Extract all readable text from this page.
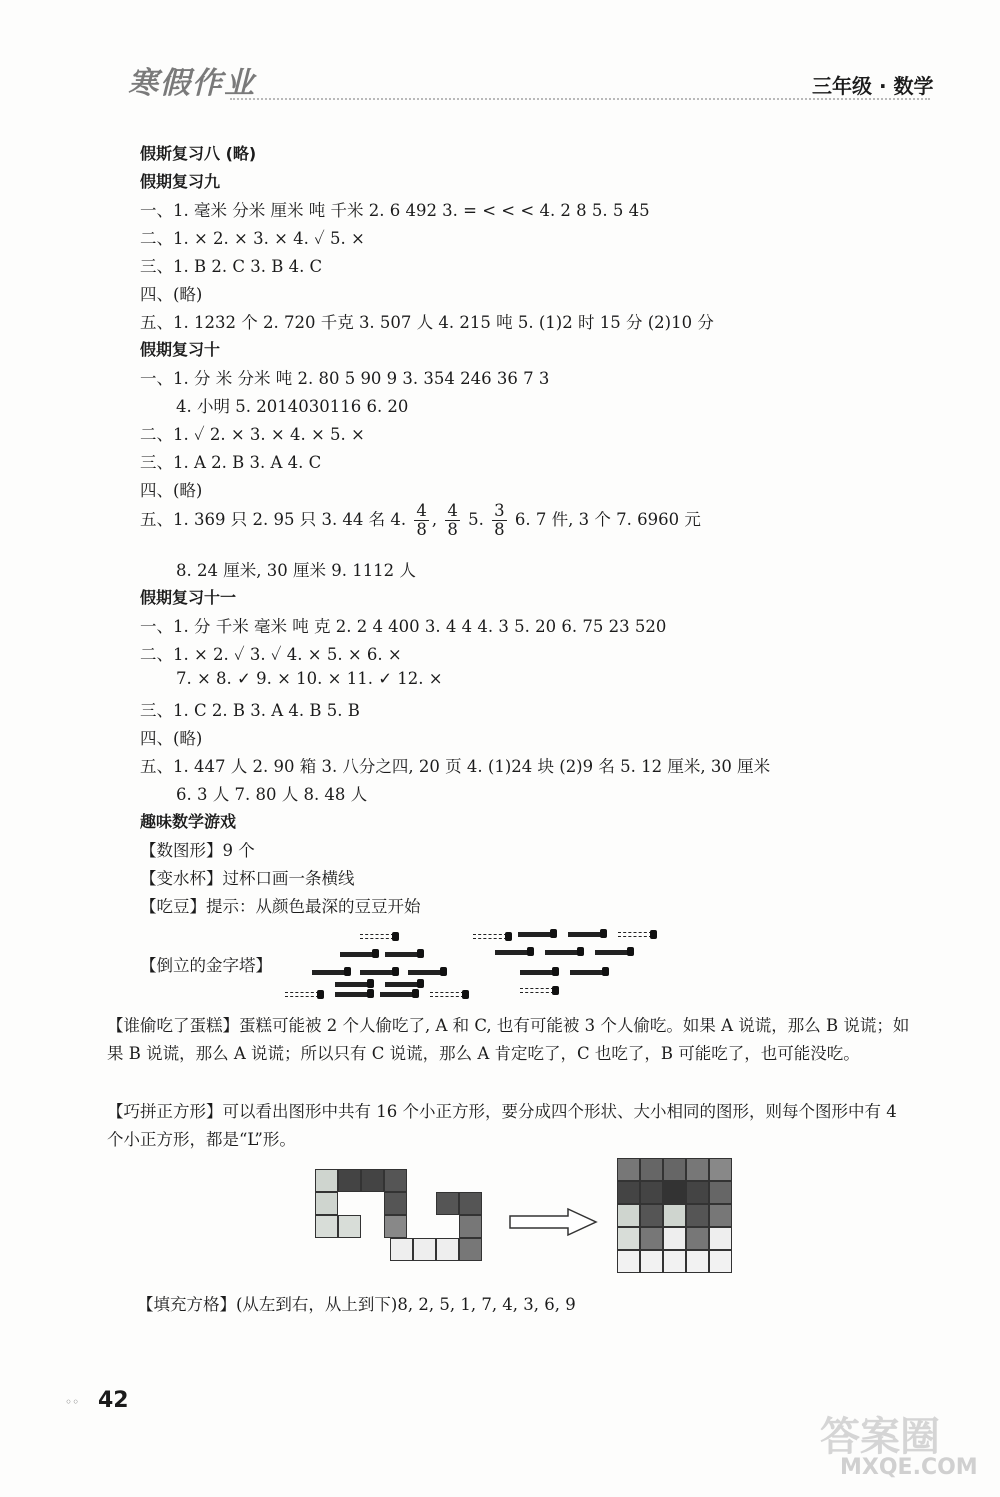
寒假作业	三年级 · 数学
假斯复习八 (略)
假期复习九
一、1. 毫米 分米 厘米 吨 千米 2. 6 492 3. = < < < 4. 2 8 5. 5 45
二、1. × 2. × 3. × 4. ✓ 5. ×
三、1. B 2. C 3. B 4. C
四、(略)
五、1. 1232 个 2. 720 千克 3. 507 人 4. 215 吨 5. (1)2 时 15 分 (2)10 分
假期复习十
一、1. 分 米 分米 吨 2. 80 5 90 9 3. 354 246 36 7 3
4. 小明 5. 2014030116 6. 20
二、1. ✓ 2. × 3. × 4. × 5. ×
三、1. A 2. B 3. A 4. C
四、(略)
五、1. 369 只 2. 95 只 3. 44 名 4. $\frac{4}{8}$ , $\frac{4}{8} 5$. $\frac{3}{8} 6$. 7 件, 3 个 7. 6960 元
8. 24 厘米, 30 厘米 9. 1112 人
假期复习十一
一、1. 分 千米 毫米 吨 克 2. 2 4 400 3. 4 4 4. 3 5. 20 6. 75 23 520
二、1. × 2. ✓ 3. ✓ 4. × 5. × 6. ×
7. × 8. ✓ 9. × 10. × 11. ✓ 12. ×
三、1. C 2. B 3. A 4. B 5. B
四、(略)
五、1. 447 人 2. 90 箱 3. 八分之四, 20 页 4. (1)24 块 (2)9 名 5. 12 厘米, 30 厘米
6. 3 人 7. 80 人 8. 48 人
趣味数学游戏
【数图形】9 个
【变水杯】过杯口画一条横线
【吃豆】提示：从颜色最深的豆豆开始
【倒立的金字塔】
【谁偷吃了蛋糕】蛋糕可能被 2 个人偷吃了, A 和 C, 也有可能被 3 个人偷吃。如果 A 说谎，那么 B 说谎；如果 B 说谎，那么 A 说谎；所以只有 C 说谎，那么 A 肯定吃了，C 也吃了，B 可能吃了，也可能没吃。
【巧拼正方形】可以看出图形中共有 16 个小正方形，要分成四个形状、大小相同的图形，则每个图形中有 4 个小正方形，都是“L”形。
【填充方格】(从左到右，从上到下)8, 2, 5, 1, 7, 4, 3, 6, 9
◦◦ 42
答案圈
MXQE.COM
